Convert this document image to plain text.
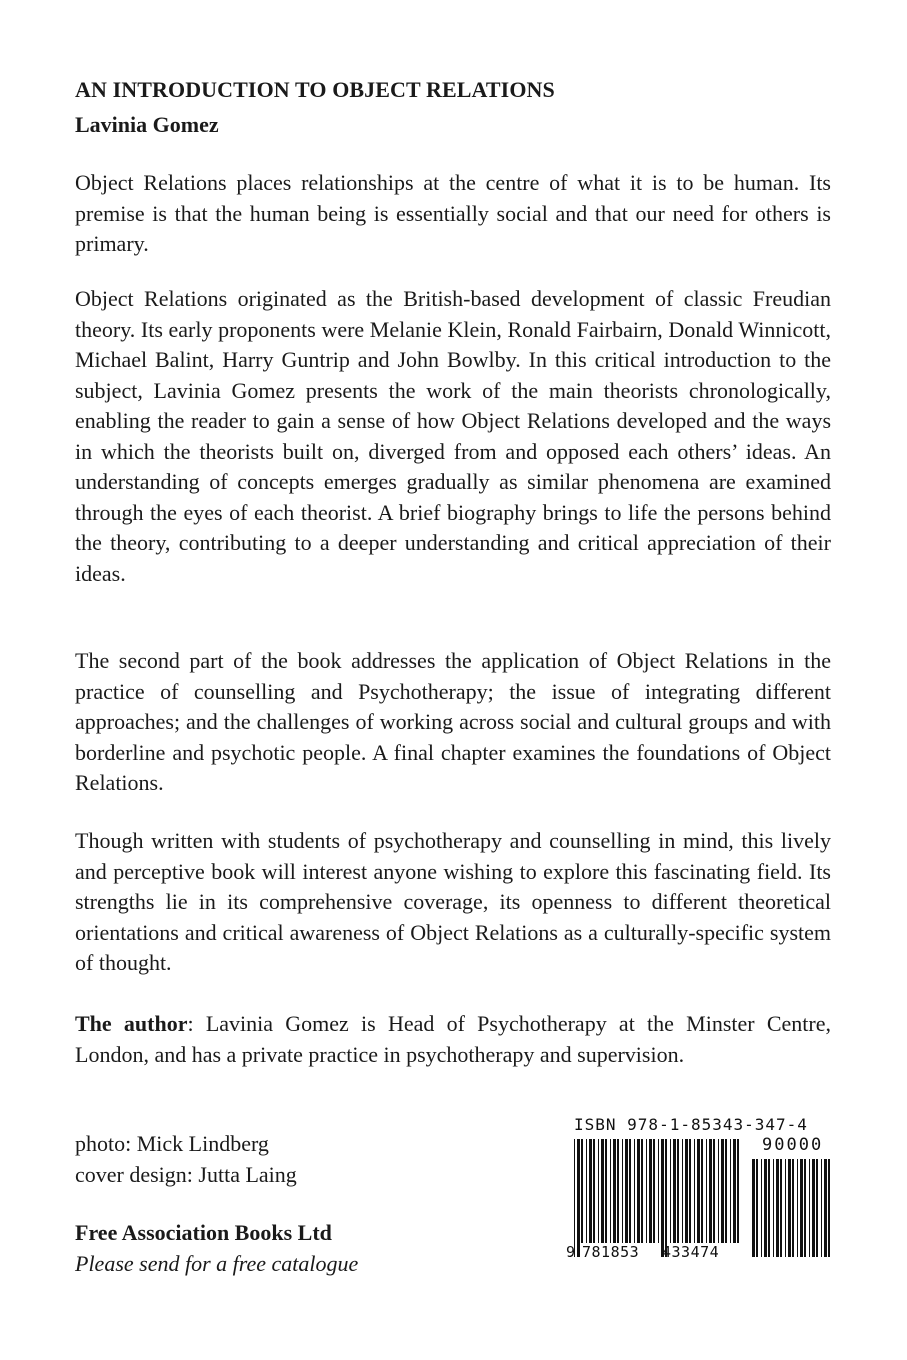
AN INTRODUCTION TO OBJECT RELATIONS
Lavinia Gomez

Object Relations places relationships at the centre of what it is to be human. Its premise is that the human being is essentially social and that our need for others is primary.

Object Relations originated as the British-based development of classic Freudian theory. Its early proponents were Melanie Klein, Ronald Fairbairn, Donald Winnicott, Michael Balint, Harry Guntrip and John Bowlby. In this critical introduction to the subject, Lavinia Gomez presents the work of the main theorists chronologically, enabling the reader to gain a sense of how Object Relations developed and the ways in which the theorists built on, diverged from and opposed each others’ ideas. An understanding of concepts emerges gradually as similar phenomena are examined through the eyes of each theorist. A brief biography brings to life the persons behind the theory, contributing to a deeper understanding and critical appreciation of their ideas.

The second part of the book addresses the application of Object Relations in the practice of counselling and Psychotherapy; the issue of integrating different approaches; and the challenges of working across social and cultural groups and with borderline and psychotic people. A final chapter examines the foundations of Object Relations.

Though written with students of psychotherapy and counselling in mind, this lively and perceptive book will interest anyone wishing to explore this fascinating field. Its strengths lie in its comprehensive coverage, its openness to different theoretical orientations and critical awareness of Object Relations as a culturally-specific system of thought.

The author: Lavinia Gomez is Head of Psychotherapy at the Minster Centre, London, and has a private practice in psychotherapy and supervision.

photo: Mick Lindberg
cover design: Jutta Laing
Free Association Books Ltd
Please send for a free catalogue
ISBN 978-1-85343-347-4
90000
9 781853 433474
